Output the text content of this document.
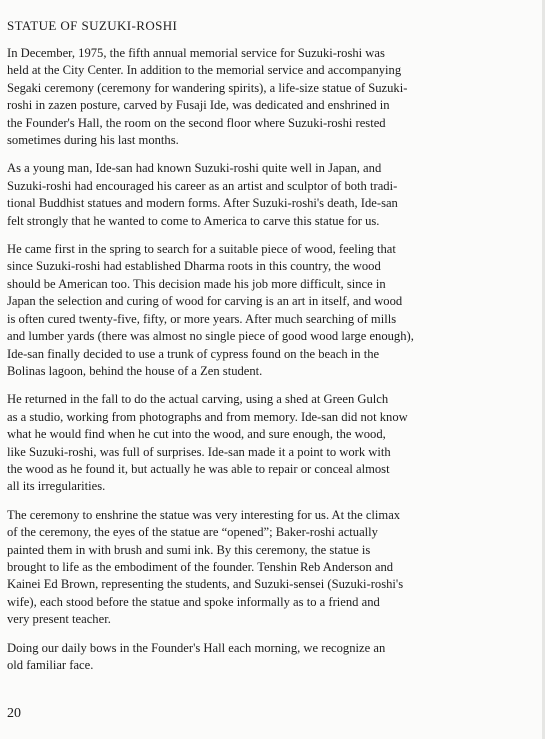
STATUE OF SUZUKI-ROSHI

In December, 1975, the fifth annual memorial service for Suzuki-roshi was
held at the City Center. In addition to the memorial service and accompanying
Segaki ceremony (ceremony for wandering spirits), a life-size statue of Suzuki-
roshi in zazen posture, carved by Fusaji Ide, was dedicated and enshrined in
the Founder's Hall, the room on the second floor where Suzuki-roshi rested
sometimes during his last months.

As a young man, Ide-san had known Suzuki-roshi quite well in Japan, and
Suzuki-roshi had encouraged his career as an artist and sculptor of both tradi-
tional Buddhist statues and modern forms. After Suzuki-roshi's death, Ide-san
felt strongly that he wanted to come to America to carve this statue for us.

He came first in the spring to search for a suitable piece of wood, feeling that
since Suzuki-roshi had established Dharma roots in this country, the wood
should be American too. This decision made his job more difficult, since in
Japan the selection and curing of wood for carving is an art in itself, and wood
is often cured twenty-five, fifty, or more years. After much searching of mills
and lumber yards (there was almost no single piece of good wood large enough),
Ide-san finally decided to use a trunk of cypress found on the beach in the
Bolinas lagoon, behind the house of a Zen student.

He returned in the fall to do the actual carving, using a shed at Green Gulch
as a studio, working from photographs and from memory. Ide-san did not know
what he would find when he cut into the wood, and sure enough, the wood,
like Suzuki-roshi, was full of surprises. Ide-san made it a point to work with
the wood as he found it, but actually he was able to repair or conceal almost
all its irregularities.

The ceremony to enshrine the statue was very interesting for us. At the climax
of the ceremony, the eyes of the statue are “opened”; Baker-roshi actually
painted them in with brush and sumi ink. By this ceremony, the statue is
brought to life as the embodiment of the founder. Tenshin Reb Anderson and
Kainei Ed Brown, representing the students, and Suzuki-sensei (Suzuki-roshi's
wife), each stood before the statue and spoke informally as to a friend and
very present teacher.

Doing our daily bows in the Founder's Hall each morning, we recognize an
old familiar face.

20
